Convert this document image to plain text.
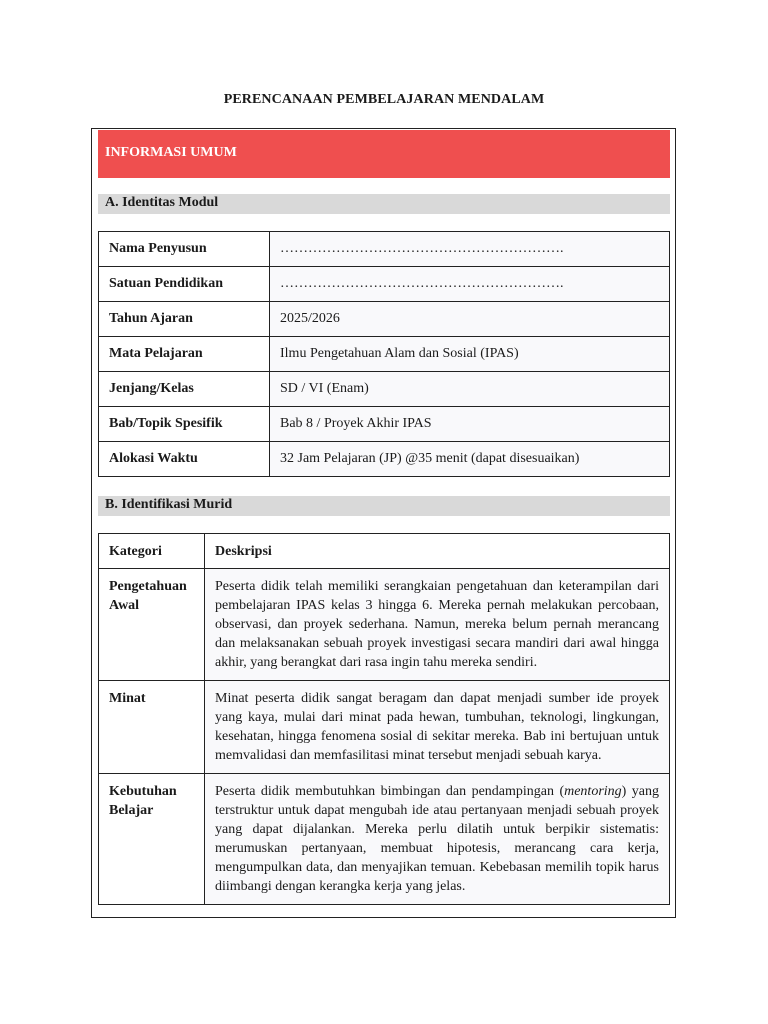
PERENCANAAN PEMBELAJARAN MENDALAM
INFORMASI UMUM
A. Identitas Modul
Nama Penyusun	…………………………………………………….
Satuan Pendidikan	…………………………………………………….
Tahun Ajaran	2025/2026
Mata Pelajaran	Ilmu Pengetahuan Alam dan Sosial (IPAS)
Jenjang/Kelas	SD / VI (Enam)
Bab/Topik Spesifik	Bab 8 / Proyek Akhir IPAS
Alokasi Waktu	32 Jam Pelajaran (JP) @35 menit (dapat disesuaikan)
B. Identifikasi Murid
Kategori	Deskripsi
Pengetahuan Awal	Peserta didik telah memiliki serangkaian pengetahuan dan keterampilan dari pembelajaran IPAS kelas 3 hingga 6. Mereka pernah melakukan percobaan, observasi, dan proyek sederhana. Namun, mereka belum pernah merancang dan melaksanakan sebuah proyek investigasi secara mandiri dari awal hingga akhir, yang berangkat dari rasa ingin tahu mereka sendiri.
Minat	Minat peserta didik sangat beragam dan dapat menjadi sumber ide proyek yang kaya, mulai dari minat pada hewan, tumbuhan, teknologi, lingkungan, kesehatan, hingga fenomena sosial di sekitar mereka. Bab ini bertujuan untuk memvalidasi dan memfasilitasi minat tersebut menjadi sebuah karya.
Kebutuhan Belajar	Peserta didik membutuhkan bimbingan dan pendampingan (mentoring) yang terstruktur untuk dapat mengubah ide atau pertanyaan menjadi sebuah proyek yang dapat dijalankan. Mereka perlu dilatih untuk berpikir sistematis: merumuskan pertanyaan, membuat hipotesis, merancang cara kerja, mengumpulkan data, dan menyajikan temuan. Kebebasan memilih topik harus diimbangi dengan kerangka kerja yang jelas.
